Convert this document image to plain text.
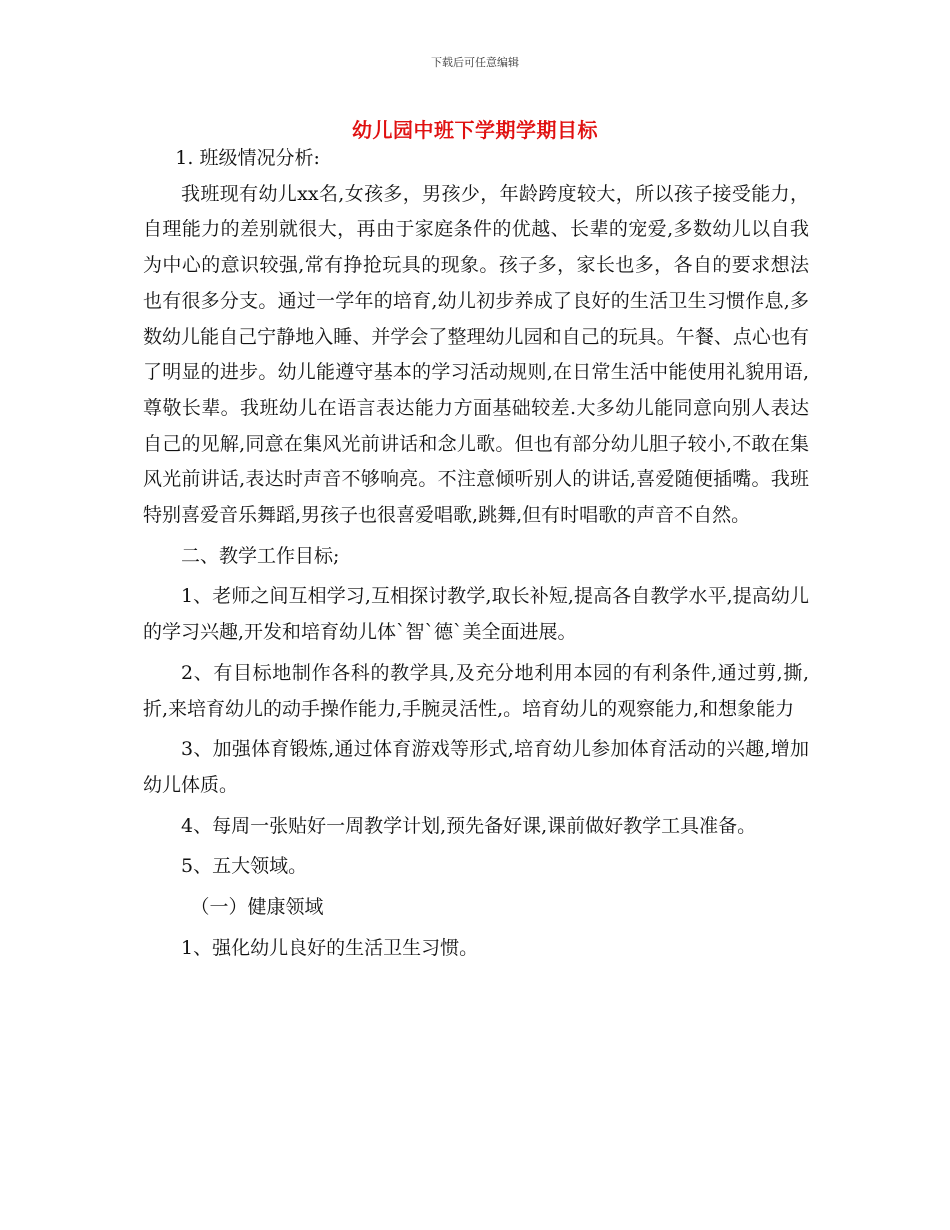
下载后可任意编辑
幼儿园中班下学期学期目标

1. 班级情况分析:

我班现有幼儿xx名,女孩多，男孩少，年龄跨度较大，所以孩子接受能力，自理能力的差别就很大，再由于家庭条件的优越、长辈的宠爱,多数幼儿以自我为中心的意识较强,常有挣抢玩具的现象。孩子多，家长也多，各自的要求想法也有很多分支。通过一学年的培育,幼儿初步养成了良好的生活卫生习惯作息,多数幼儿能自己宁静地入睡、并学会了整理幼儿园和自己的玩具。午餐、点心也有了明显的进步。幼儿能遵守基本的学习活动规则,在日常生活中能使用礼貌用语,尊敬长辈。我班幼儿在语言表达能力方面基础较差.大多幼儿能同意向别人表达自己的见解,同意在集风光前讲话和念儿歌。但也有部分幼儿胆子较小,不敢在集风光前讲话,表达时声音不够响亮。不注意倾听别人的讲话,喜爱随便插嘴。我班特别喜爱音乐舞蹈,男孩子也很喜爱唱歌,跳舞,但有时唱歌的声音不自然。

二、教学工作目标;

1、老师之间互相学习,互相探讨教学,取长补短,提高各自教学水平,提高幼儿的学习兴趣,开发和培育幼儿体`智`德`美全面进展。

2、有目标地制作各科的教学具,及充分地利用本园的有利条件,通过剪,撕,折,来培育幼儿的动手操作能力,手腕灵活性,。培育幼儿的观察能力,和想象能力

3、加强体育锻炼,通过体育游戏等形式,培育幼儿参加体育活动的兴趣,增加幼儿体质。

4、每周一张贴好一周教学计划,预先备好课,课前做好教学工具准备。

5、五大领域。

（一）健康领域

1、强化幼儿良好的生活卫生习惯。
